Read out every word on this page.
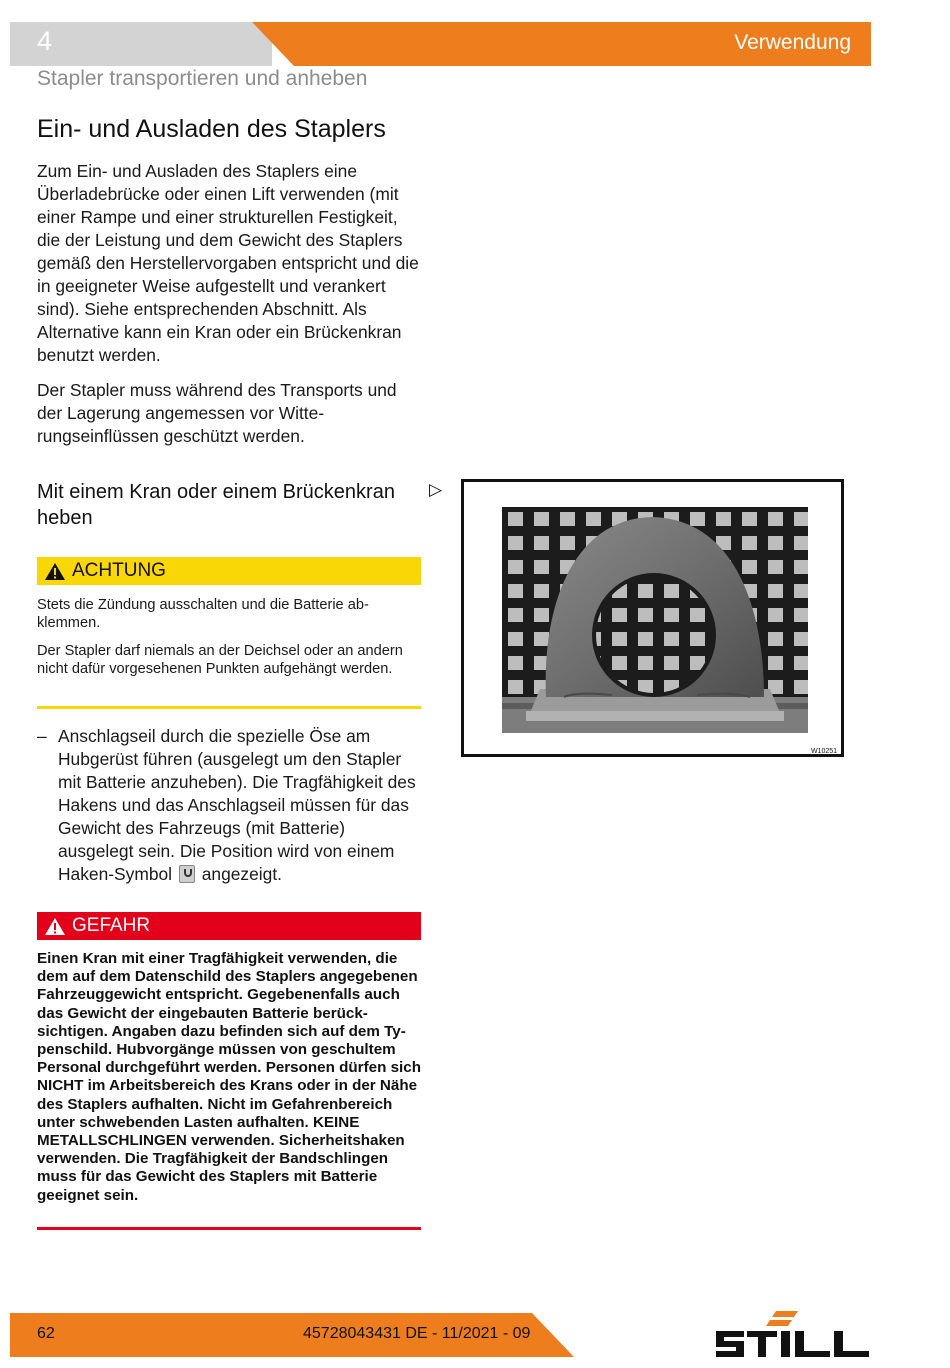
4	Verwendung
Stapler transportieren und anheben
Ein- und Ausladen des Staplers

Zum Ein- und Ausladen des Staplers eine Überladebrücke oder einen Lift verwenden (mit einer Rampe und einer strukturellen Festigkeit, die der Leistung und dem Gewicht des Staplers gemäß den Herstellervorgaben entspricht und die in geeigneter Weise aufgestellt und verankert sind). Siehe entsprechenden Abschnitt. Als Alternative kann ein Kran oder ein Brückenkran benutzt werden.

Der Stapler muss während des Transports und der Lagerung angemessen vor Witterungseinflüssen geschützt werden.

Mit einem Kran oder einem Brückenkran heben
▷
ACHTUNG

Stets die Zündung ausschalten und die Batterie abklemmen.

Der Stapler darf niemals an der Deichsel oder an andern nicht dafür vorgesehenen Punkten aufgehängt werden.

– Anschlagseil durch die spezielle Öse am Hubgerüst führen (ausgelegt um den Stapler mit Batterie anzuheben). Die Tragfähigkeit des Hakens und das Anschlagseil müssen für das Gewicht des Fahrzeugs (mit Batterie) ausgelegt sein. Die Position wird von einem Haken-Symbol angezeigt.
GEFAHR

Einen Kran mit einer Tragfähigkeit verwenden, die dem auf dem Datenschild des Staplers angegebenen Fahrzeuggewicht entspricht. Gegebenenfalls auch das Gewicht der eingebauten Batterie berücksichtigen. Angaben dazu befinden sich auf dem Typenschild. Hubvorgänge müssen von geschultem Personal durchgeführt werden. Personen dürfen sich NICHT im Arbeitsbereich des Krans oder in der Nähe des Staplers aufhalten. Nicht im Gefahrenbereich unter schwebenden Lasten aufhalten. KEINE METALLSCHLINGEN verwenden. Sicherheitshaken verwenden. Die Tragfähigkeit der Bandschlingen muss für das Gewicht des Staplers mit Batterie geeignet sein.

W10251
62	45728043431 DE - 11/2021 - 09
